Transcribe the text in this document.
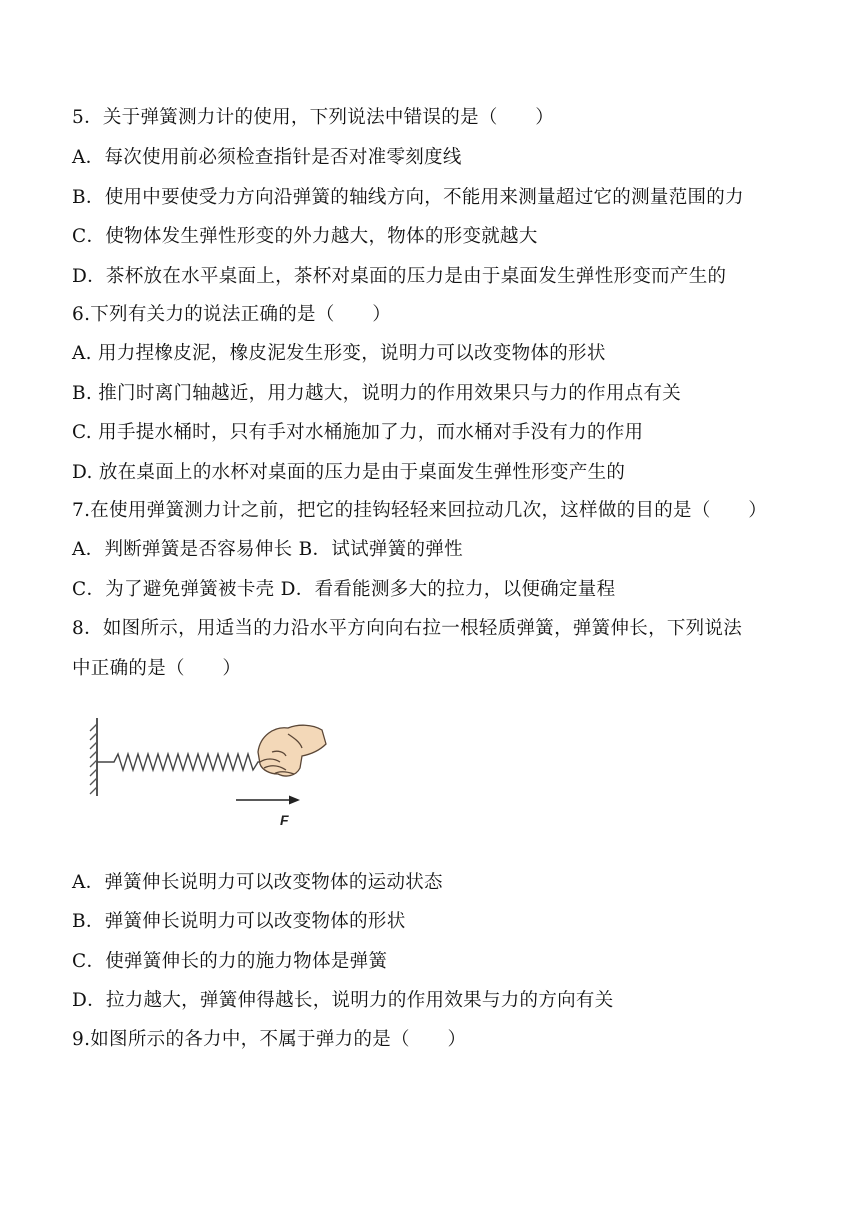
5．关于弹簧测力计的使用，下列说法中错误的是（　　）
A．每次使用前必须检查指针是否对准零刻度线
B．使用中要使受力方向沿弹簧的轴线方向，不能用来测量超过它的测量范围的力
C．使物体发生弹性形变的外力越大，物体的形变就越大
D．茶杯放在水平桌面上，茶杯对桌面的压力是由于桌面发生弹性形变而产生的
6.下列有关力的说法正确的是（　　）
A. 用力捏橡皮泥，橡皮泥发生形变，说明力可以改变物体的形状
B. 推门时离门轴越近，用力越大，说明力的作用效果只与力的作用点有关
C. 用手提水桶时，只有手对水桶施加了力，而水桶对手没有力的作用
D. 放在桌面上的水杯对桌面的压力是由于桌面发生弹性形变产生的
7.在使用弹簧测力计之前，把它的挂钩轻轻来回拉动几次，这样做的目的是（　　）
A．判断弹簧是否容易伸长 B．试试弹簧的弹性
C．为了避免弹簧被卡壳 D．看看能测多大的拉力，以便确定量程
8．如图所示，用适当的力沿水平方向向右拉一根轻质弹簧，弹簧伸长，下列说法
中正确的是（　　）
F
A．弹簧伸长说明力可以改变物体的运动状态
B．弹簧伸长说明力可以改变物体的形状
C．使弹簧伸长的力的施力物体是弹簧
D．拉力越大，弹簧伸得越长，说明力的作用效果与力的方向有关
9.如图所示的各力中，不属于弹力的是（　　）
